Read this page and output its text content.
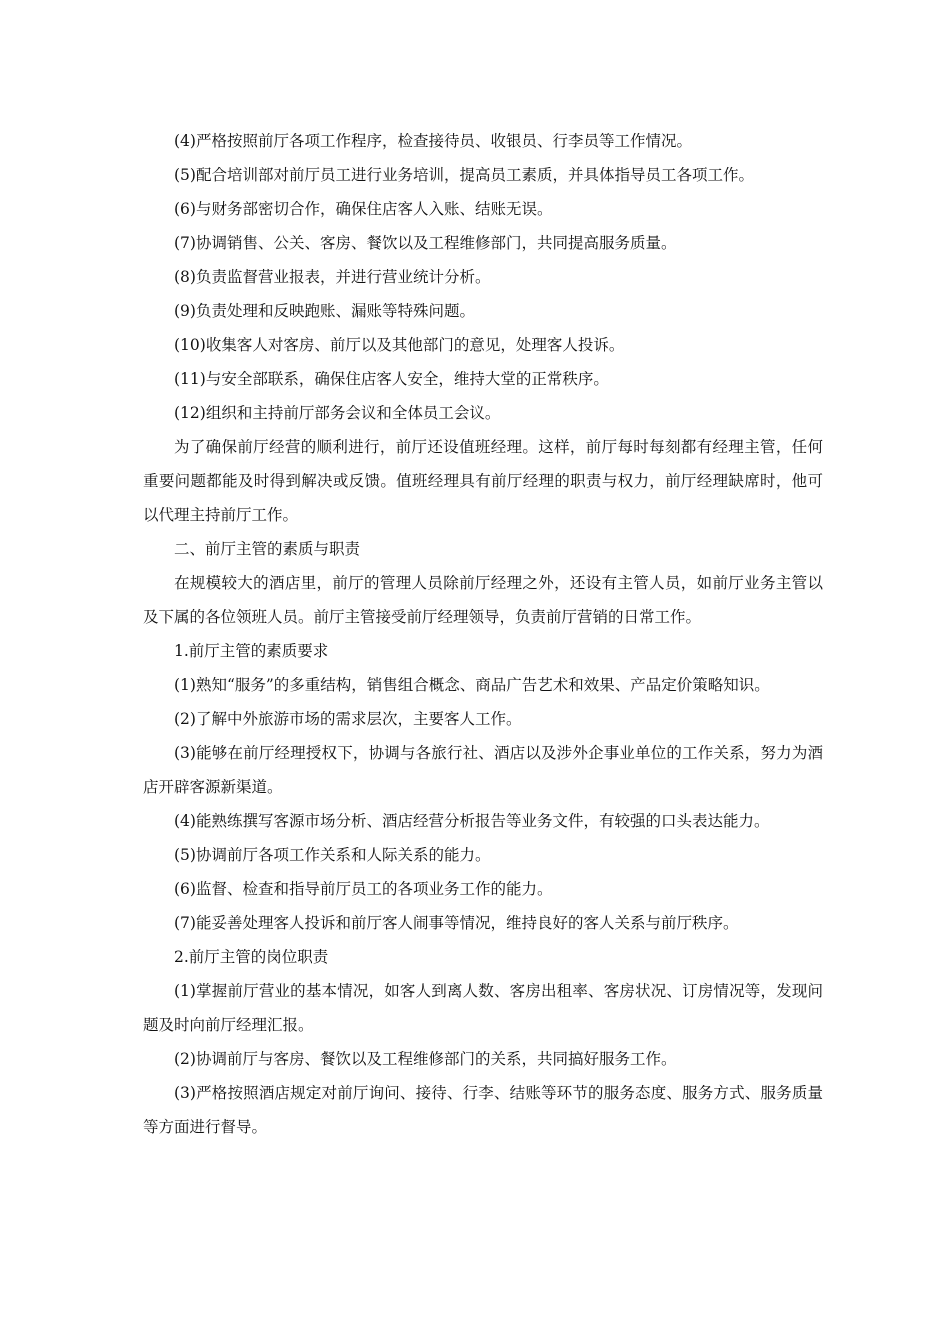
(4)严格按照前厅各项工作程序，检查接待员、收银员、行李员等工作情况。

(5)配合培训部对前厅员工进行业务培训，提高员工素质，并具体指导员工各项工作。

(6)与财务部密切合作，确保住店客人入账、结账无误。

(7)协调销售、公关、客房、餐饮以及工程维修部门，共同提高服务质量。

(8)负责监督营业报表，并进行营业统计分析。

(9)负责处理和反映跑账、漏账等特殊问题。

(10)收集客人对客房、前厅以及其他部门的意见，处理客人投诉。

(11)与安全部联系，确保住店客人安全，维持大堂的正常秩序。

(12)组织和主持前厅部务会议和全体员工会议。

为了确保前厅经营的顺利进行，前厅还设值班经理。这样，前厅每时每刻都有经理主管，任何重要问题都能及时得到解决或反馈。值班经理具有前厅经理的职责与权力，前厅经理缺席时，他可以代理主持前厅工作。

二、前厅主管的素质与职责

在规模较大的酒店里，前厅的管理人员除前厅经理之外，还设有主管人员，如前厅业务主管以及下属的各位领班人员。前厅主管接受前厅经理领导，负责前厅营销的日常工作。

1.前厅主管的素质要求

(1)熟知“服务”的多重结构，销售组合概念、商品广告艺术和效果、产品定价策略知识。

(2)了解中外旅游市场的需求层次，主要客人工作。

(3)能够在前厅经理授权下，协调与各旅行社、酒店以及涉外企事业单位的工作关系，努力为酒店开辟客源新渠道。

(4)能熟练撰写客源市场分析、酒店经营分析报告等业务文件，有较强的口头表达能力。

(5)协调前厅各项工作关系和人际关系的能力。

(6)监督、检查和指导前厅员工的各项业务工作的能力。

(7)能妥善处理客人投诉和前厅客人闹事等情况，维持良好的客人关系与前厅秩序。

2.前厅主管的岗位职责

(1)掌握前厅营业的基本情况，如客人到离人数、客房出租率、客房状况、订房情况等，发现问题及时向前厅经理汇报。

(2)协调前厅与客房、餐饮以及工程维修部门的关系，共同搞好服务工作。

(3)严格按照酒店规定对前厅询问、接待、行李、结账等环节的服务态度、服务方式、服务质量等方面进行督导。
